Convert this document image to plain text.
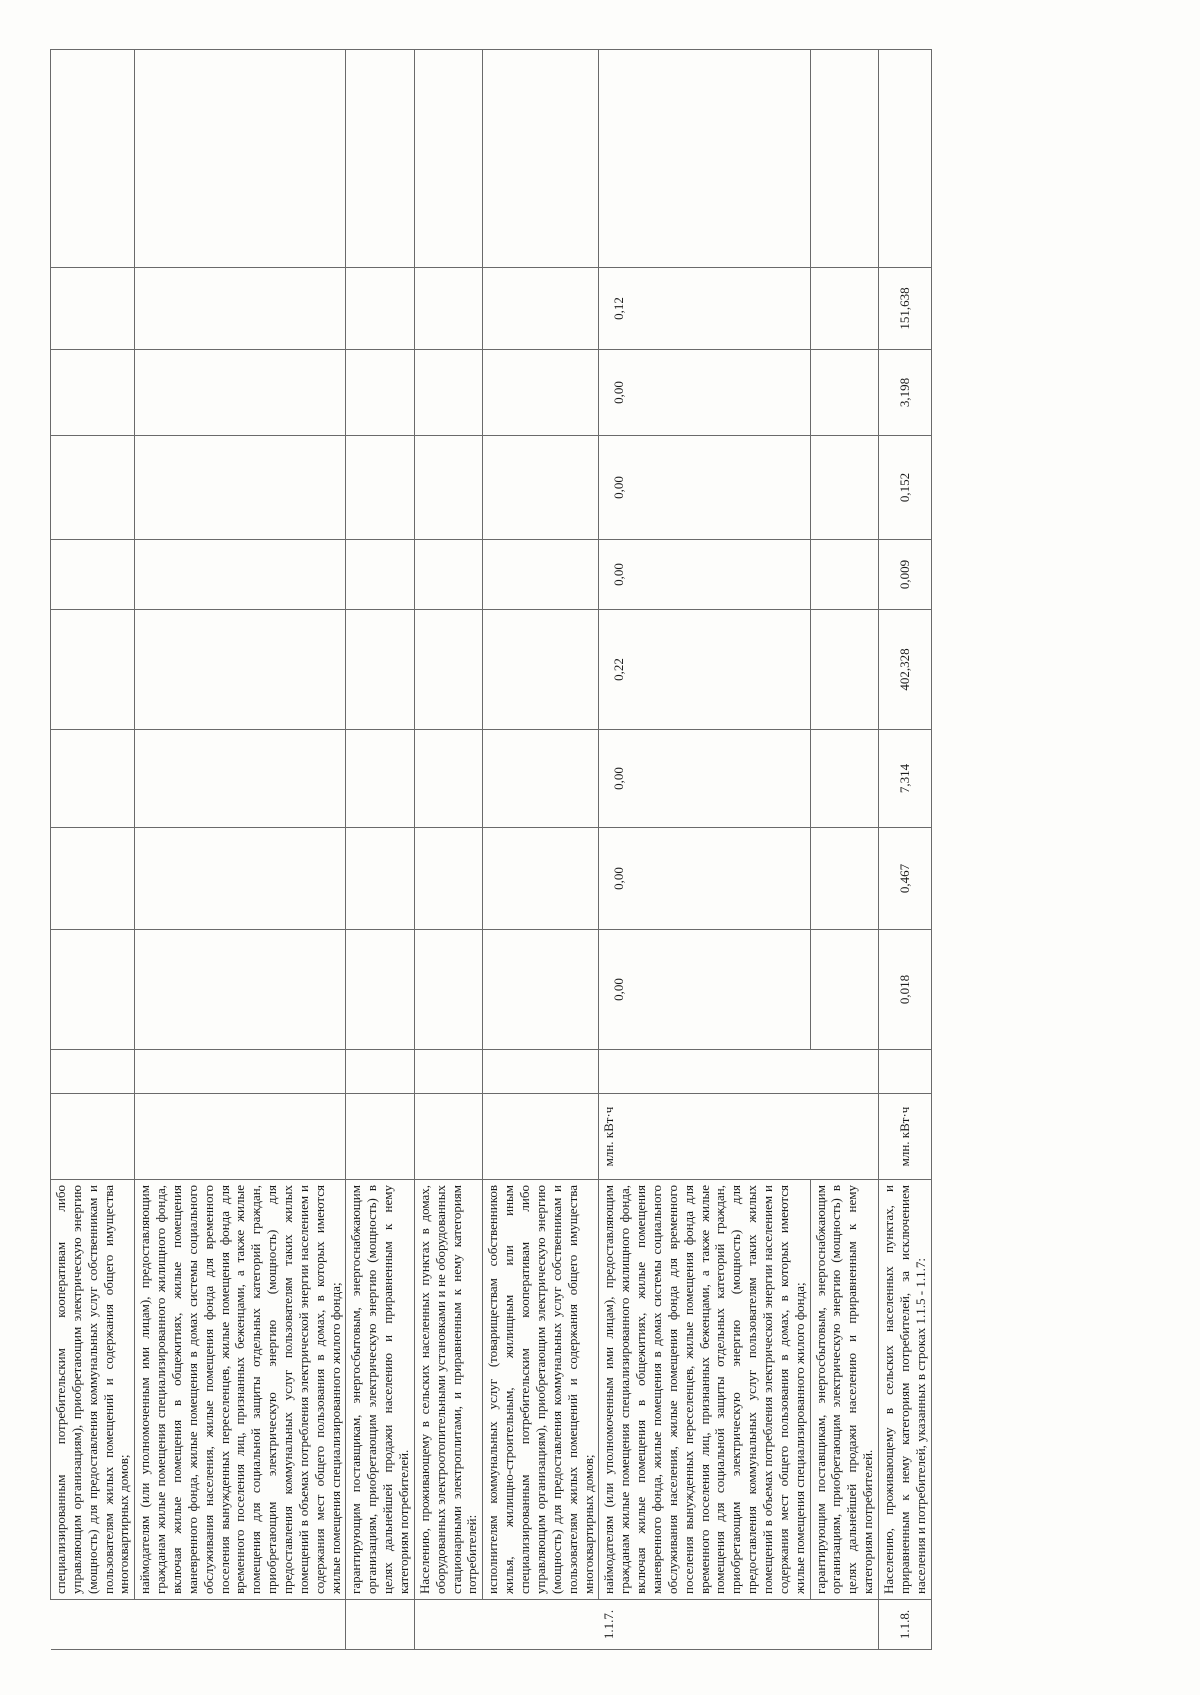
	специализированным потребительским кооперативам либо управляющим организациям), приобретающим электрическую энергию (мощность) для предоставления коммунальных услуг собственникам и пользователям жилых помещений и содержания общего имущества многоквартирных домов;											
	наймодателям (или уполномоченным ими лицам), предоставляющим гражданам жилые помещения специализированного жилищного фонда, включая жилые помещения в общежитиях, жилые помещения маневренного фонда, жилые помещения в домах системы социального обслуживания населения, жилые помещения фонда для временного поселения вынужденных переселенцев, жилые помещения фонда для временного поселения лиц, признанных беженцами, а также жилые помещения для социальной защиты отдельных категорий граждан, приобретающим электрическую энергию (мощность) для предоставления коммунальных услуг пользователям таких жилых помещений в объемах потребления электрической энергии населением и содержания мест общего пользования в домах, в которых имеются жилые помещения специализированного жилого фонда;											
	гарантирующим поставщикам, энергосбытовым, энергоснабжающим организациям, приобретающим электрическую энергию (мощность) в целях дальнейшей продажи населению и приравненным к нему категориям потребителей.											
	Населению, проживающему в сельских населенных пунктах в домах, оборудованных электроотопительными установками и не оборудованных стационарными электроплитами, и приравненным к нему категориям потребителей:											
	исполнителям коммунальных услуг (товариществам собственников жилья, жилищно-строительным, жилищным или иным специализированным потребительским кооперативам либо управляющим организациям), приобретающим электрическую энергию (мощность) для предоставления коммунальных услуг собственникам и пользователям жилых помещений и содержания общего имущества многоквартирных домов;											
1.1.7.	наймодателям (или уполномоченным ими лицам), предоставляющим гражданам жилые помещения специализированного жилищного фонда, включая жилые помещения в общежитиях, жилые помещения маневренного фонда, жилые помещения в домах системы социального обслуживания населения, жилые помещения фонда для временного поселения вынужденных переселенцев, жилые помещения фонда для временного поселения лиц, признанных беженцами, а также жилые помещения для социальной защиты отдельных категорий граждан, приобретающим электрическую энергию (мощность) для предоставления коммунальных услуг пользователям таких жилых помещений в объемах потребления электрической энергии населением и содержания мест общего пользования в домах, в которых имеются жилые помещения специализированного жилого фонда;	млн. кВт·ч		0,00	0,00	0,00	0,22	0,00	0,00	0,00	0,12	
	гарантирующим поставщикам, энергосбытовым, энергоснабжающим организациям, приобретающим электрическую энергию (мощность) в целях дальнейшей продажи населению и приравненным к нему категориям потребителей.											
1.1.8.	Населению, проживающему в сельских населенных пунктах, и приравненным к нему категориям потребителей, за исключением населения и потребителей, указанных в строках 1.1.5 - 1.1.7:	млн. кВт·ч		0,018	0,467	7,314	402,328	0,009	0,152	3,198	151,638	
